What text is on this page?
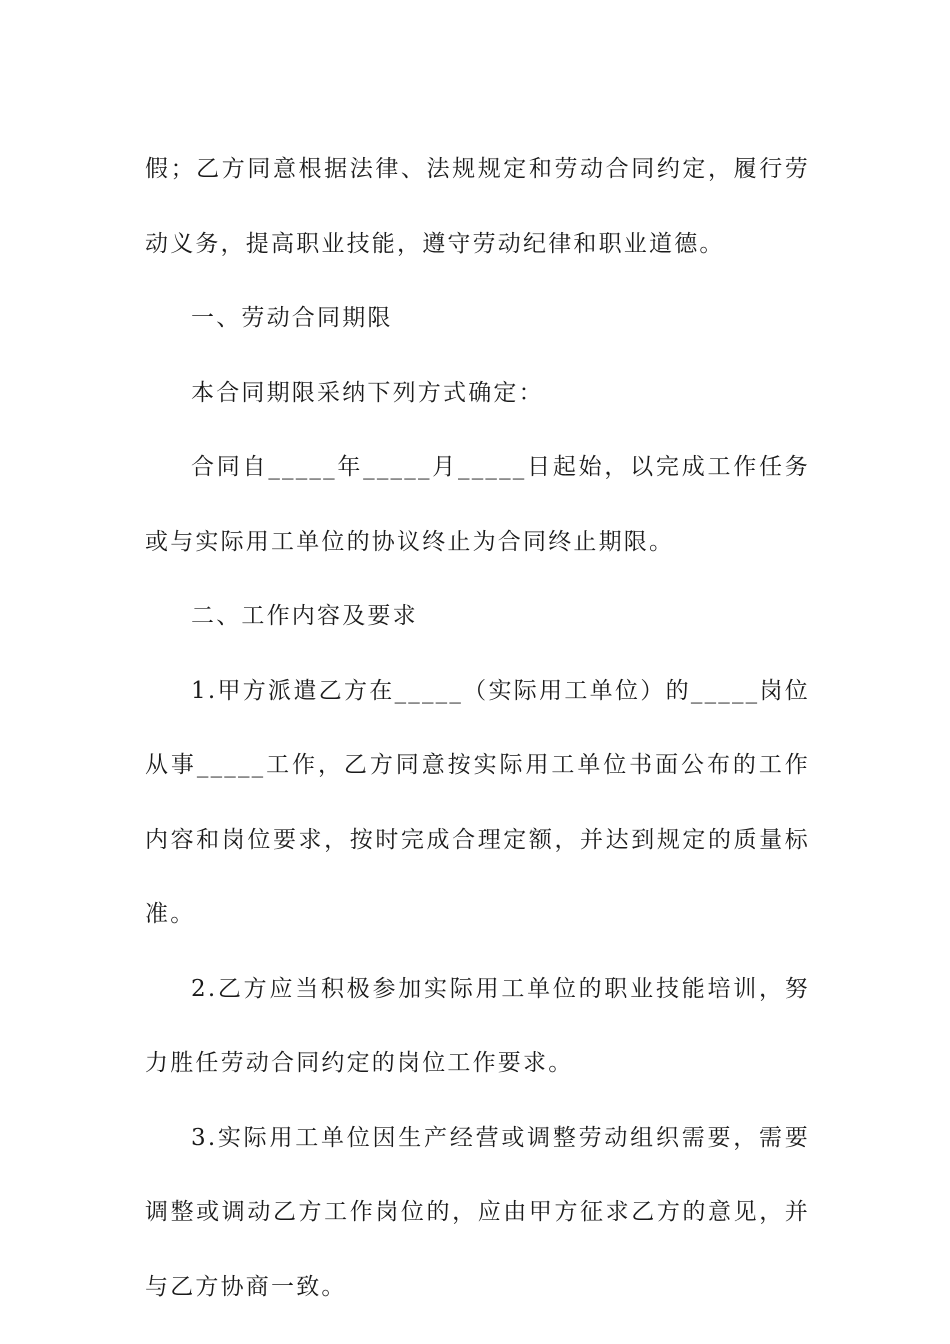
假；乙方同意根据法律、法规规定和劳动合同约定，履行劳动义务，提高职业技能，遵守劳动纪律和职业道德。

一、劳动合同期限

本合同期限采纳下列方式确定：

合同自_____年_____月_____日起始，以完成工作任务或与实际用工单位的协议终止为合同终止期限。

二、工作内容及要求

1.甲方派遣乙方在_____（实际用工单位）的_____岗位从事_____工作，乙方同意按实际用工单位书面公布的工作内容和岗位要求，按时完成合理定额，并达到规定的质量标准。

2.乙方应当积极参加实际用工单位的职业技能培训，努力胜任劳动合同约定的岗位工作要求。

3.实际用工单位因生产经营或调整劳动组织需要，需要调整或调动乙方工作岗位的，应由甲方征求乙方的意见，并与乙方协商一致。
